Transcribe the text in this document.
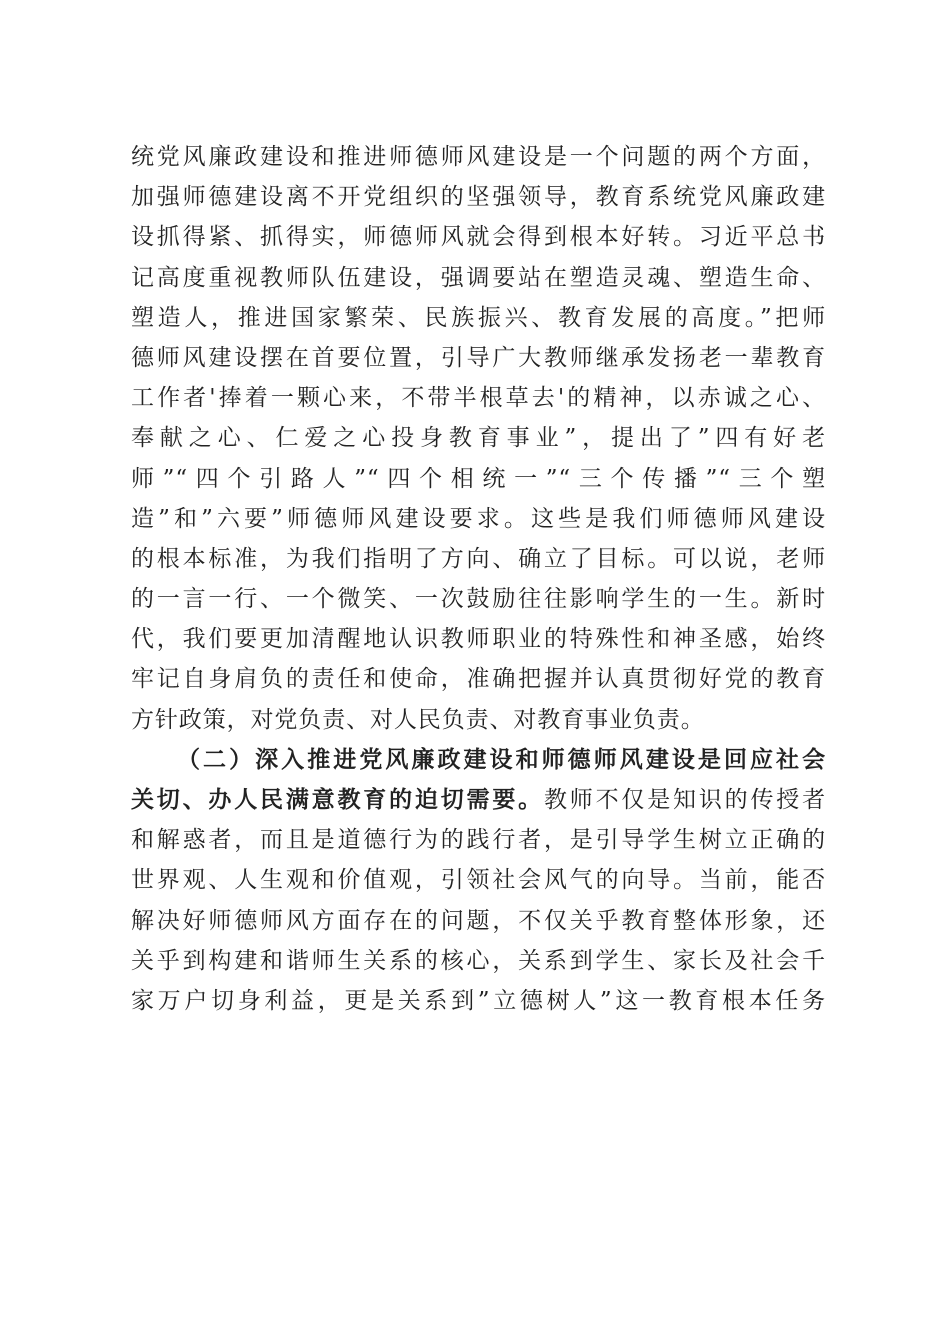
统党风廉政建设和推进师德师风建设是一个问题的两个方面，
加强师德建设离不开党组织的坚强领导，教育系统党风廉政建
设抓得紧、抓得实，师德师风就会得到根本好转。习近平总书
记高度重视教师队伍建设，强调要站在塑造灵魂、塑造生命、
塑造人，推进国家繁荣、民族振兴、教育发展的高度。”把师
德师风建设摆在首要位置，引导广大教师继承发扬老一辈教育
工作者'捧着一颗心来，不带半根草去'的精神，以赤诚之心、
奉献之心、仁爱之心投身教育事业”，提出了”四有好老
师”“四个引路人”“四个相统一”“三个传播”“三个塑
造”和”六要”师德师风建设要求。这些是我们师德师风建设
的根本标准，为我们指明了方向、确立了目标。可以说，老师
的一言一行、一个微笑、一次鼓励往往影响学生的一生。新时
代，我们要更加清醒地认识教师职业的特殊性和神圣感，始终
牢记自身肩负的责任和使命，准确把握并认真贯彻好党的教育
方针政策，对党负责、对人民负责、对教育事业负责。
（二）深入推进党风廉政建设和师德师风建设是回应社会
关切、办人民满意教育的迫切需要。教师不仅是知识的传授者
和解惑者，而且是道德行为的践行者，是引导学生树立正确的
世界观、人生观和价值观，引领社会风气的向导。当前，能否
解决好师德师风方面存在的问题，不仅关乎教育整体形象，还
关乎到构建和谐师生关系的核心，关系到学生、家长及社会千
家万户切身利益，更是关系到”立德树人”这一教育根本任务
